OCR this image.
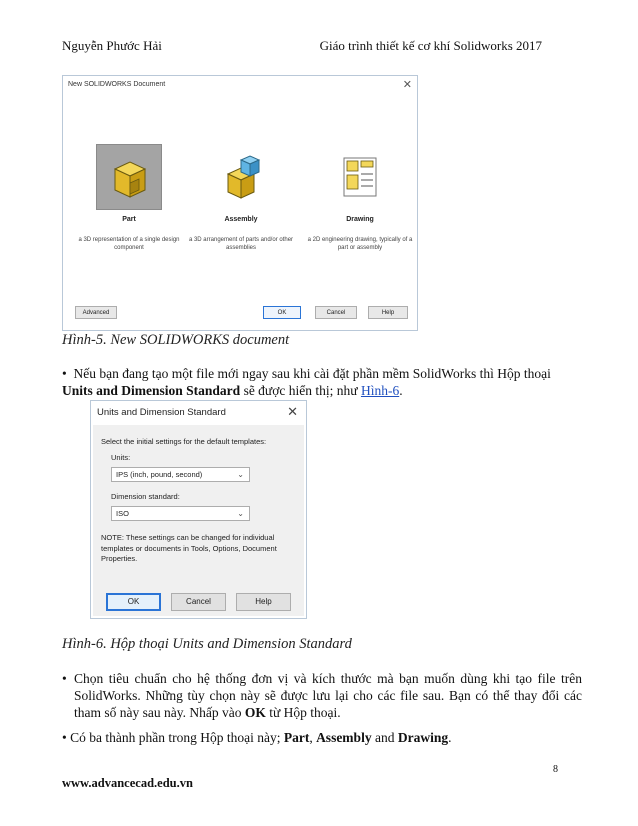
Nguyễn Phước Hải	Giáo trình thiết kế cơ khí Solidworks 2017
New SOLIDWORKS Document	✕
Part
a 3D representation of a single design component
Assembly
a 3D arrangement of parts and/or other assemblies
Drawing
a 2D engineering drawing, typically of a part or assembly
Advanced	OK	Cancel	Help
Hình-5. New SOLIDWORKS document
• Nếu bạn đang tạo một file mới ngay sau khi cài đặt phần mềm SolidWorks thì Hộp thoại
Units and Dimension Standard sẽ được hiển thị; như Hình-6.
Units and Dimension Standard	✕
Select the initial settings for the default templates:
Units:
IPS (inch, pound, second)	⌄
Dimension standard:
ISO	⌄
NOTE: These settings can be changed for individual templates or documents in Tools, Options, Document Properties.
OK	Cancel	Help
Hình-6. Hộp thoại Units and Dimension Standard
• Chọn tiêu chuẩn cho hệ thống đơn vị và kích thước mà bạn muốn dùng khi tạo file trên SolidWorks. Những tùy chọn này sẽ được lưu lại cho các file sau. Bạn có thể thay đổi các tham số này sau này. Nhấp vào OK từ Hộp thoại.
• Có ba thành phần trong Hộp thoại này; Part, Assembly and Drawing.
8
www.advancecad.edu.vn
